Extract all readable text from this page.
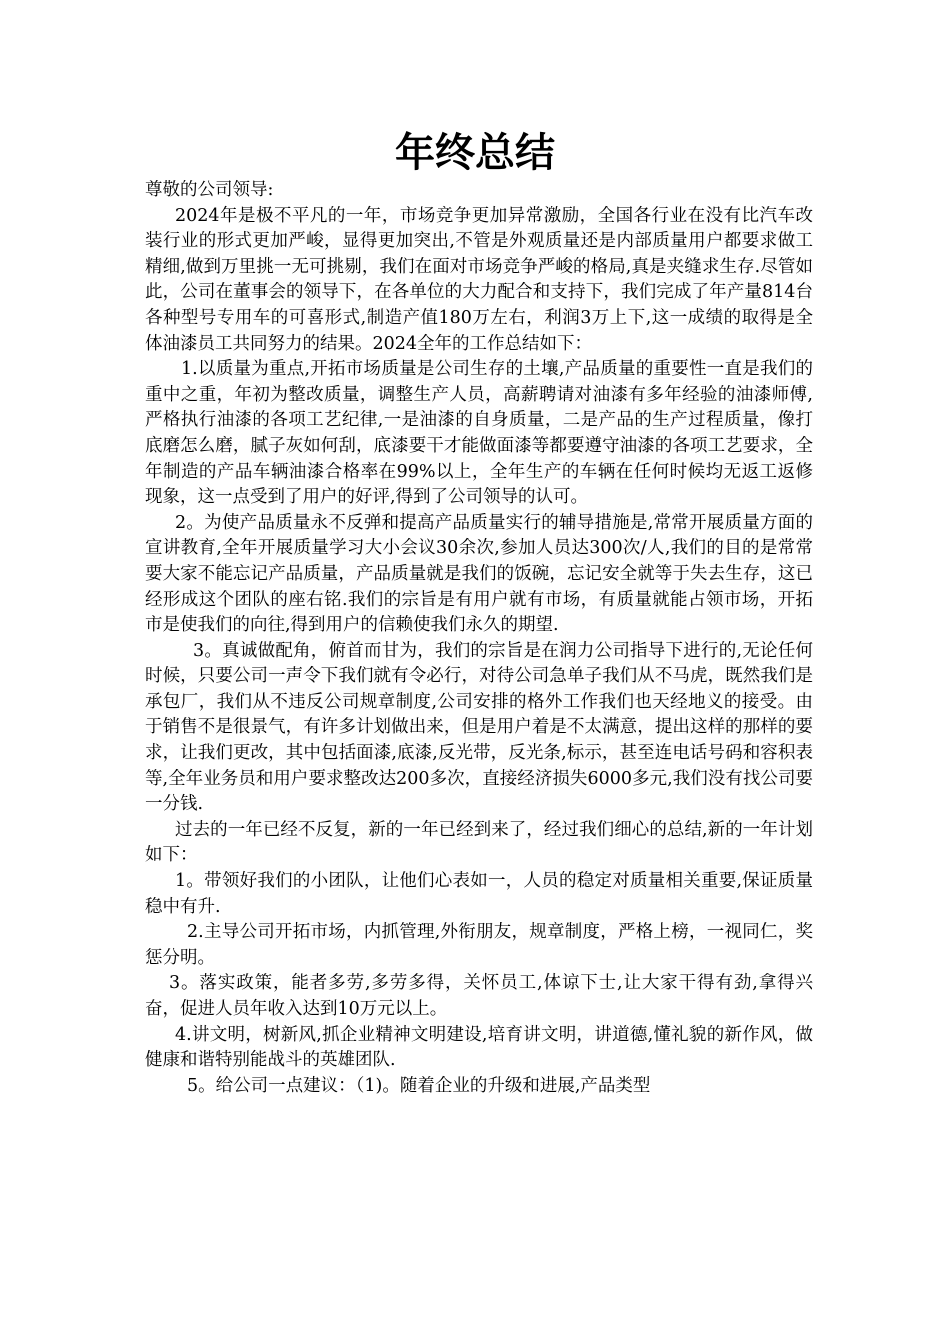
年终总结

尊敬的公司领导:

2024年是极不平凡的一年，市场竞争更加异常激励，全国各行业在没有比汽车改装行业的形式更加严峻，显得更加突出,不管是外观质量还是内部质量用户都要求做工精细,做到万里挑一无可挑剔，我们在面对市场竞争严峻的格局,真是夹缝求生存.尽管如此，公司在董事会的领导下，在各单位的大力配合和支持下，我们完成了年产量814台各种型号专用车的可喜形式,制造产值180万左右，利润3万上下,这一成绩的取得是全体油漆员工共同努力的结果。2024全年的工作总结如下：

1.以质量为重点,开拓市场质量是公司生存的土壤,产品质量的重要性一直是我们的重中之重，年初为整改质量，调整生产人员，高薪聘请对油漆有多年经验的油漆师傅,严格执行油漆的各项工艺纪律,一是油漆的自身质量，二是产品的生产过程质量，像打底磨怎么磨，腻子灰如何刮，底漆要干才能做面漆等都要遵守油漆的各项工艺要求，全年制造的产品车辆油漆合格率在99%以上，全年生产的车辆在任何时候均无返工返修现象，这一点受到了用户的好评,得到了公司领导的认可。

2。为使产品质量永不反弹和提高产品质量实行的辅导措施是,常常开展质量方面的宣讲教育,全年开展质量学习大小会议30余次,参加人员达300次/人,我们的目的是常常要大家不能忘记产品质量，产品质量就是我们的饭碗，忘记安全就等于失去生存，这已经形成这个团队的座右铭.我们的宗旨是有用户就有市场，有质量就能占领市场，开拓市是使我们的向往,得到用户的信赖使我们永久的期望.

3。真诚做配角，俯首而甘为，我们的宗旨是在润力公司指导下进行的,无论任何时候，只要公司一声令下我们就有令必行，对待公司急单子我们从不马虎，既然我们是承包厂，我们从不违反公司规章制度,公司安排的格外工作我们也天经地义的接受。由于销售不是很景气，有许多计划做出来，但是用户着是不太满意，提出这样的那样的要求，让我们更改，其中包括面漆,底漆,反光带，反光条,标示，甚至连电话号码和容积表等,全年业务员和用户要求整改达200多次，直接经济损失6000多元,我们没有找公司要一分钱.

过去的一年已经不反复，新的一年已经到来了，经过我们细心的总结,新的一年计划如下：

1。带领好我们的小团队，让他们心表如一，人员的稳定对质量相关重要,保证质量稳中有升.

2.主导公司开拓市场，内抓管理,外衔朋友，规章制度，严格上榜，一视同仁，奖惩分明。

3。落实政策，能者多劳,多劳多得，关怀员工,体谅下士,让大家干得有劲,拿得兴奋，促进人员年收入达到10万元以上。

4.讲文明，树新风,抓企业精神文明建设,培育讲文明，讲道德,懂礼貌的新作风，做健康和谐特别能战斗的英雄团队.

5。给公司一点建议：（1)。随着企业的升级和进展,产品类型
